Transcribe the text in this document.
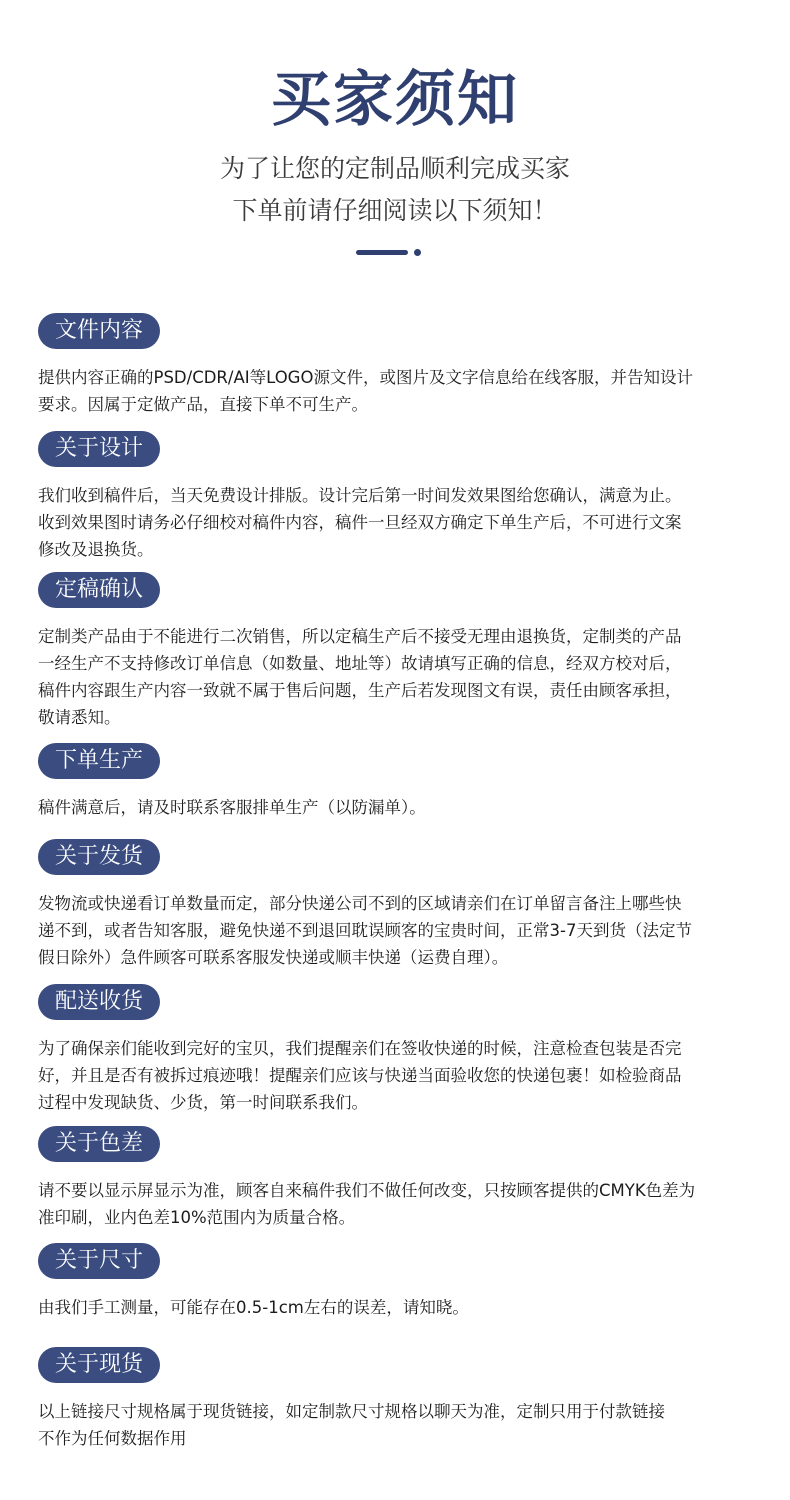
买家须知
为了让您的定制品顺利完成买家
下单前请仔细阅读以下须知！
文件内容
提供内容正确的PSD/CDR/AI等LOGO源文件，或图片及文字信息给在线客服，并告知设计
要求。因属于定做产品，直接下单不可生产。
关于设计
我们收到稿件后，当天免费设计排版。设计完后第一时间发效果图给您确认，满意为止。
收到效果图时请务必仔细校对稿件内容，稿件一旦经双方确定下单生产后，不可进行文案
修改及退换货。
定稿确认
定制类产品由于不能进行二次销售，所以定稿生产后不接受无理由退换货，定制类的产品
一经生产不支持修改订单信息（如数量、地址等）故请填写正确的信息，经双方校对后，
稿件内容跟生产内容一致就不属于售后问题，生产后若发现图文有误，责任由顾客承担，
敬请悉知。
下单生产
稿件满意后，请及时联系客服排单生产（以防漏单）。
关于发货
发物流或快递看订单数量而定，部分快递公司不到的区域请亲们在订单留言备注上哪些快
递不到，或者告知客服，避免快递不到退回耽误顾客的宝贵时间，正常3-7天到货（法定节
假日除外）急件顾客可联系客服发快递或顺丰快递（运费自理）。
配送收货
为了确保亲们能收到完好的宝贝，我们提醒亲们在签收快递的时候，注意检查包装是否完
好，并且是否有被拆过痕迹哦！提醒亲们应该与快递当面验收您的快递包裹！如检验商品
过程中发现缺货、少货，第一时间联系我们。
关于色差
请不要以显示屏显示为准，顾客自来稿件我们不做任何改变，只按顾客提供的CMYK色差为
准印刷，业内色差10%范围内为质量合格。
关于尺寸
由我们手工测量，可能存在0.5-1cm左右的误差，请知晓。
关于现货
以上链接尺寸规格属于现货链接，如定制款尺寸规格以聊天为准，定制只用于付款链接
不作为任何数据作用
